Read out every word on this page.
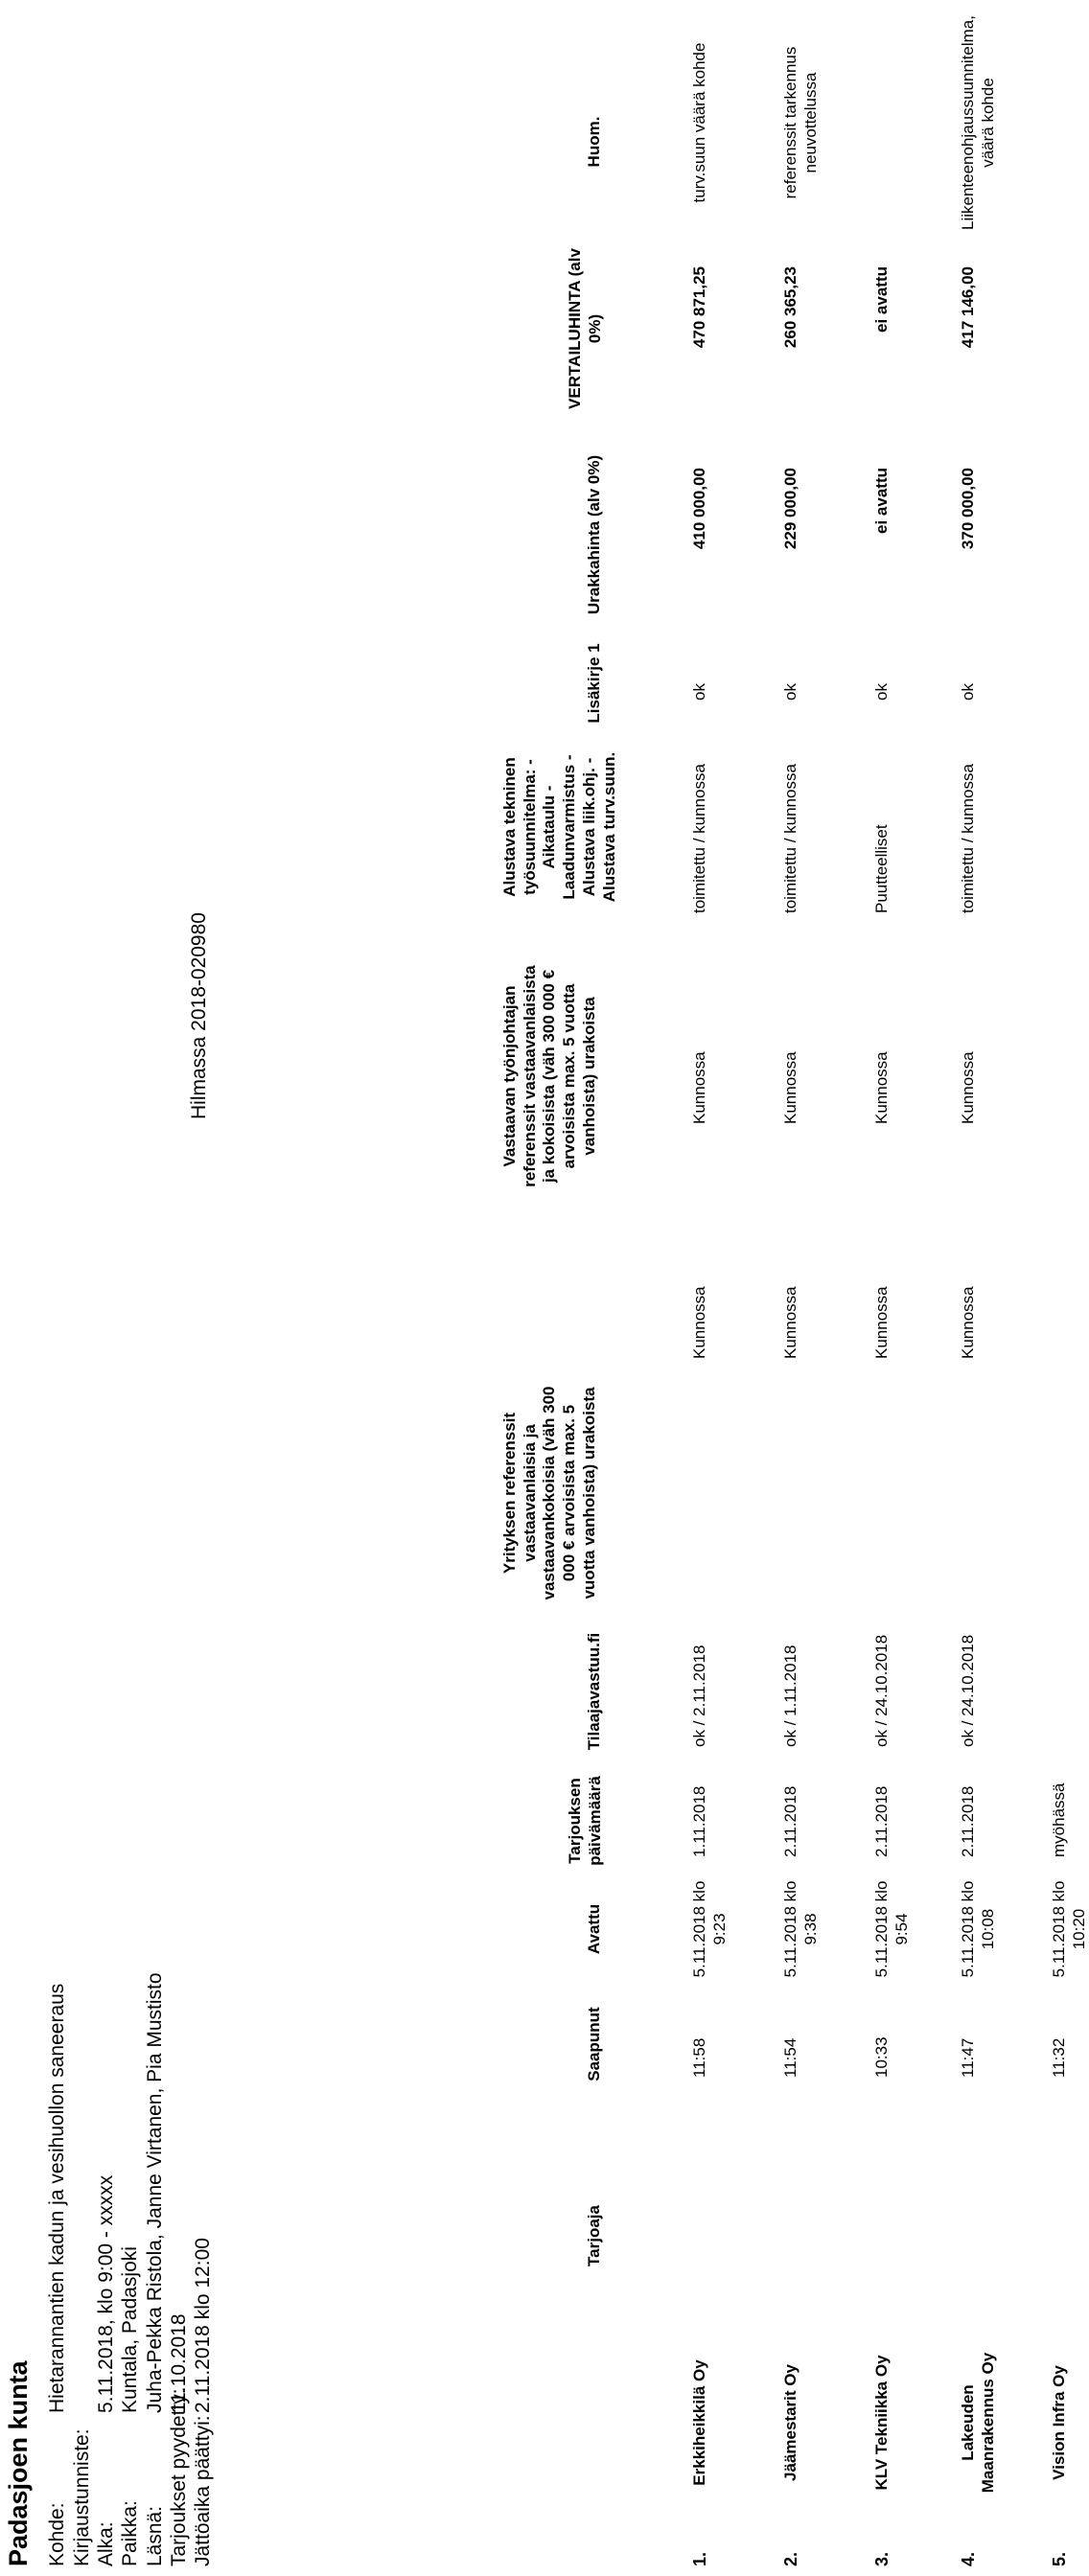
Padasjoen kunta Kohde:
Hietarannantien kadun ja vesihuollon saneeraus
Kirjaustunniste: Alka:
5.11.2018, klo 9:00 - xxxxx
Paikka:
Kuntala, Padasjoki
Läsnä:
Juha-Pekka Ristola, Janne Virtanen, Pia Mustisto
Tarjoukset pyydetty:
11.10.2018
Jättöaika päättyi:
2.11.2018 klo 12:00
Hilmassa 2018-020980
Tarjoaja
Saapunut
Avattu
Tarjouksen päivämäärä
Tilaajavastuu.fi
Yrityksen referenssit vastaavanlaisia ja vastaavankokoisia (väh 300 000 € arvoisista max. 5 vuotta vanhoista) urakoista
Vastaavan työnjohtajan referenssit vastaavanlaisista ja kokoisista (väh 300 000 € arvoisista max. 5 vuotta vanhoista) urakoista
Alustava tekninen työsuunnitelma: - Aikataulu - Laadunvarmistus - Alustava liik.ohj. - Alustava turv.suun.
Lisäkirje 1
Urakkahinta (alv 0%)
VERTAILUHINTA (alv 0%)
Huom.
1.
Erkkiheikkilä Oy
11:58
5.11.2018 klo 9:23
1.11.2018
ok / 2.11.2018
Kunnossa
Kunnossa
toimitettu / kunnossa
ok
410 000,00
470 871,25
turv.suun väärä kohde
2.
Jäämestarit Oy
11:54
5.11.2018 klo 9:38
2.11.2018
ok / 1.11.2018
Kunnossa
Kunnossa
toimitettu / kunnossa
ok
229 000,00
260 365,23
referenssit tarkennus neuvottelussa
3.
KLV Tekniikka Oy
10:33
5.11.2018 klo 9:54
2.11.2018
ok / 24.10.2018
Kunnossa
Kunnossa
Puutteelliset
ok
ei avattu
ei avattu
4.
Lakeuden Maanrakennus Oy
11:47
5.11.2018 klo 10:08
2.11.2018
ok / 24.10.2018
Kunnossa
Kunnossa
toimitettu / kunnossa
ok
370 000,00
417 146,00
Liikenteenohjaussuunnitelma, väärä kohde
5.
Vision Infra Oy
11:32
5.11.2018 klo 10:20
myöhässä
